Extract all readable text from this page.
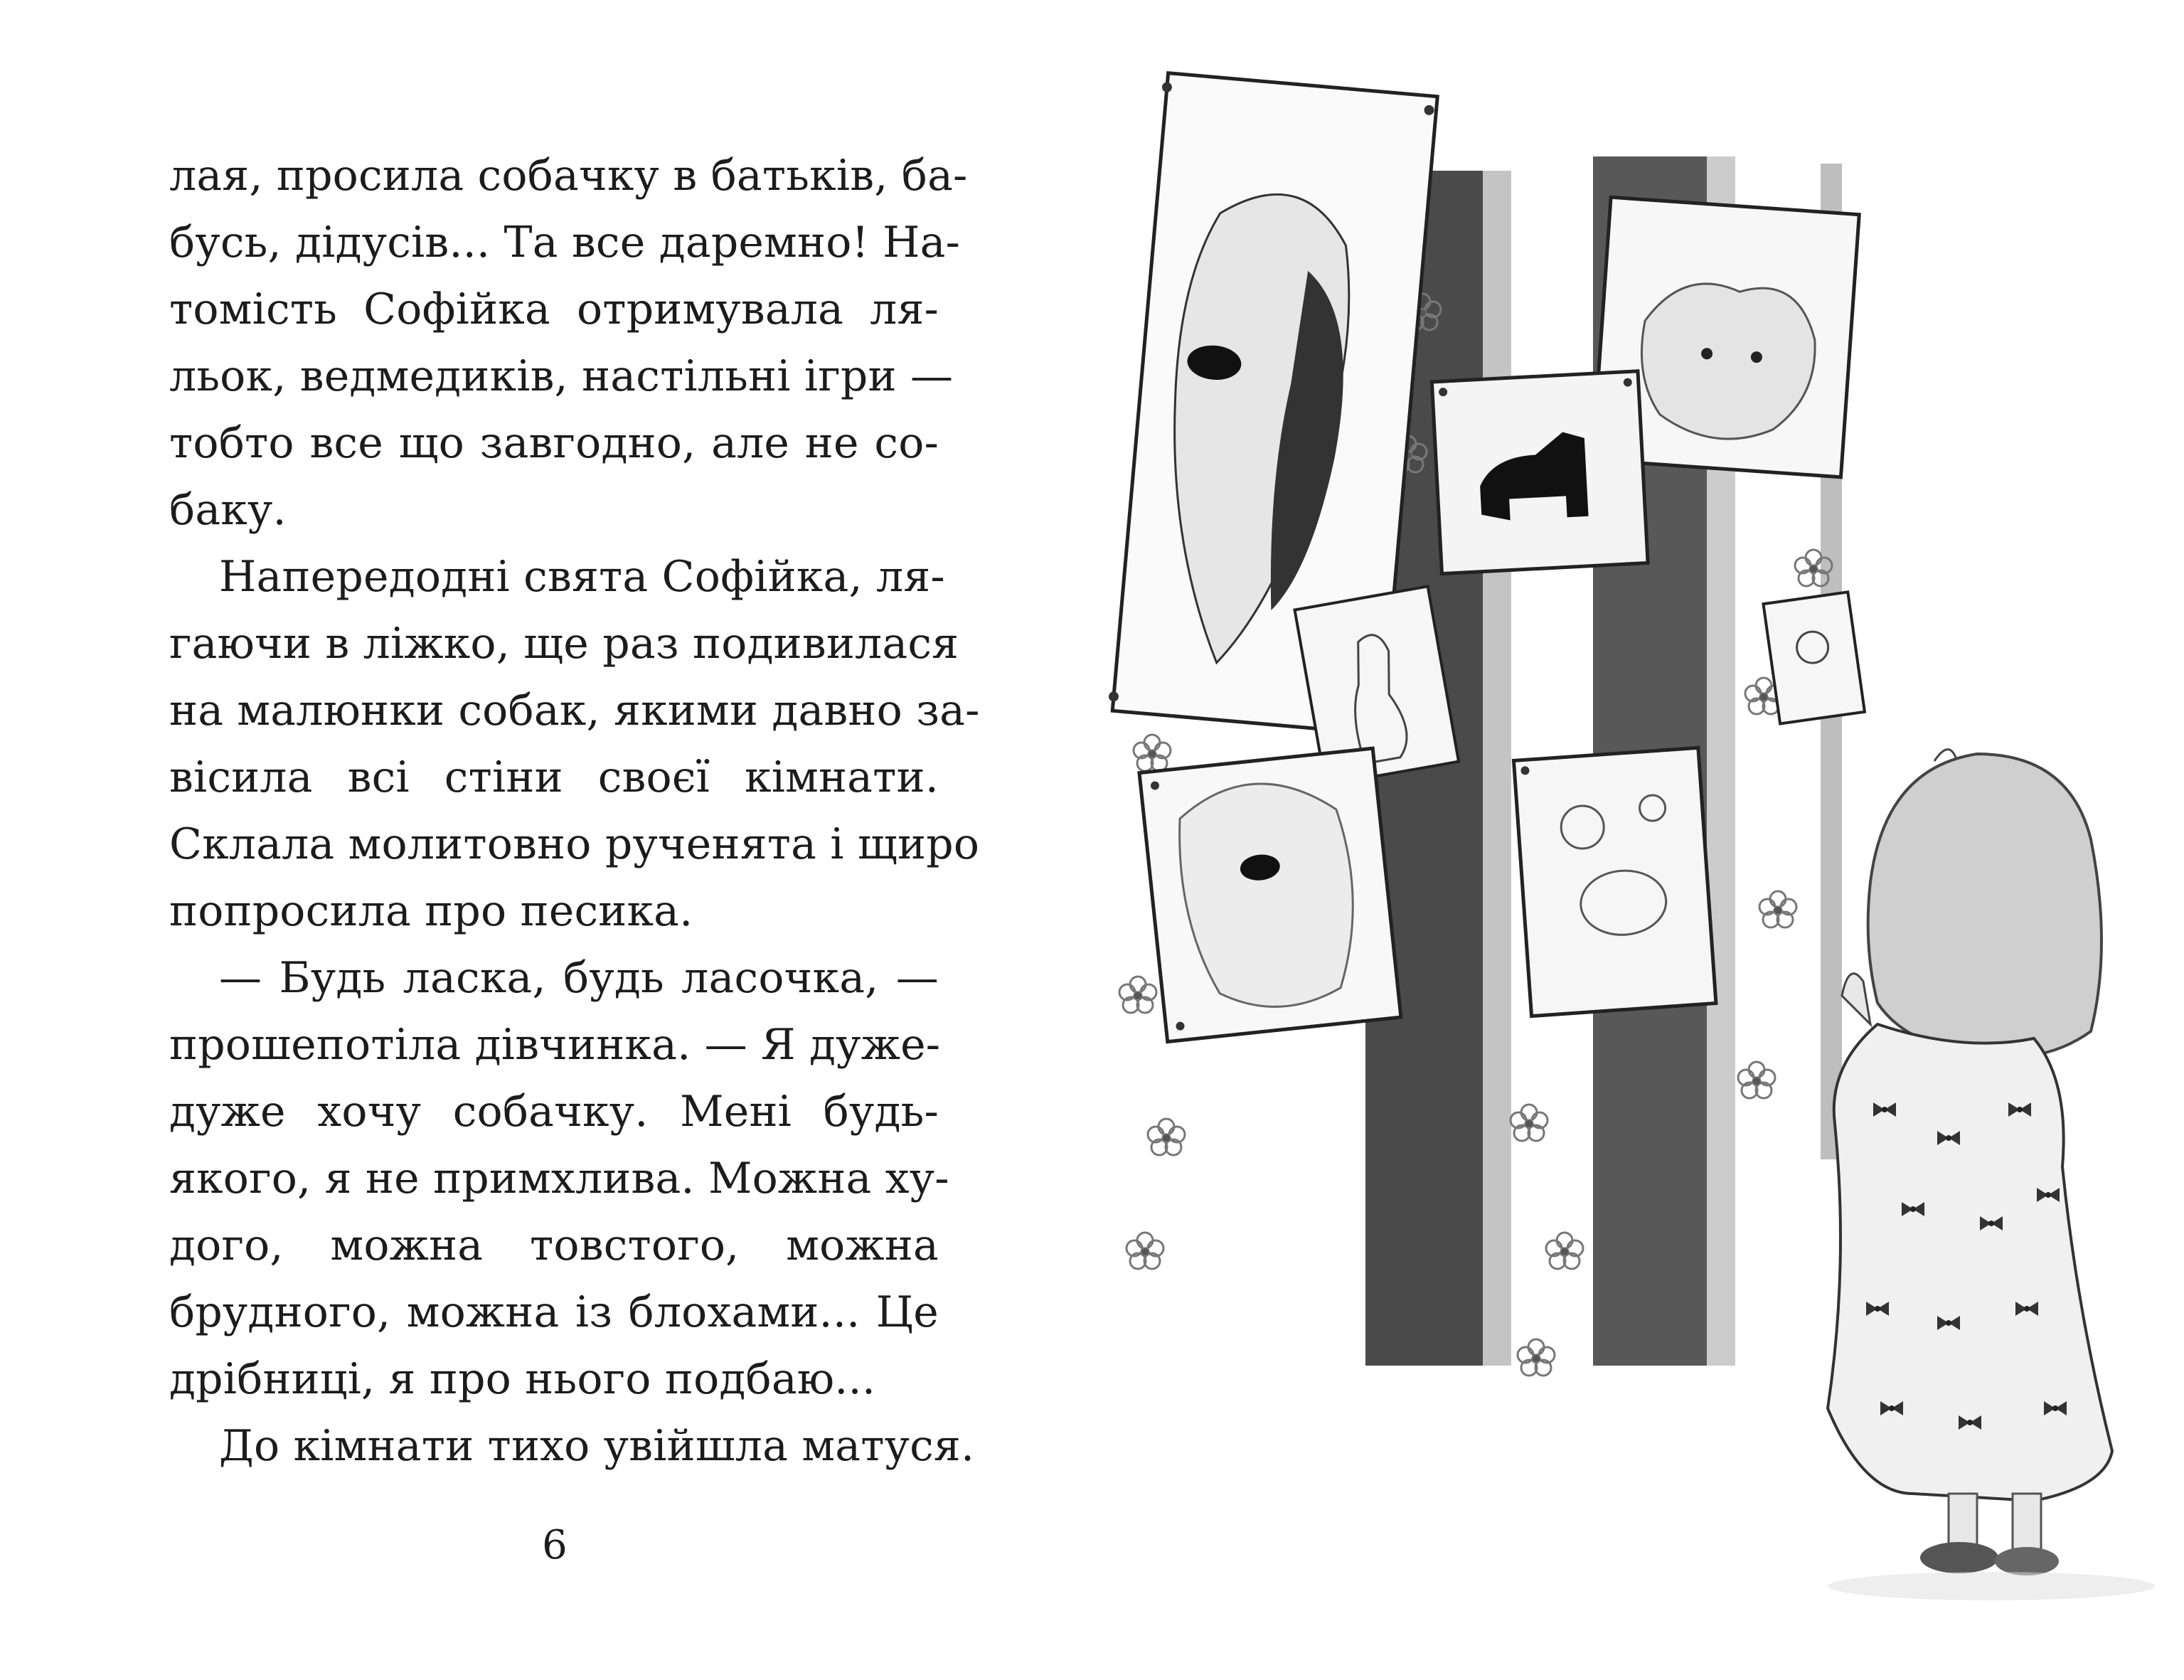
лая, просила собачку в батьків, ба-
бусь, дідусів... Та все даремно! На-
томість Софійка отримувала ля-
льок, ведмедиків, настільні ігри —
тобто все що завгодно, але не со-
баку.
Напередодні свята Софійка, ля-
гаючи в ліжко, ще раз подивилася
на малюнки собак, якими давно за-
вісила всі стіни своєї кімнати.
Склала молитовно рученята і щиро
попросила про песика.
— Будь ласка, будь ласочка, —
прошепотіла дівчинка. — Я дуже-
дуже хочу собачку. Мені будь-
якого, я не примхлива. Можна ху-
дого, можна товстого, можна
брудного, можна із блохами... Це
дрібниці, я про нього подбаю...
До кімнати тихо увійшла матуся.
6
